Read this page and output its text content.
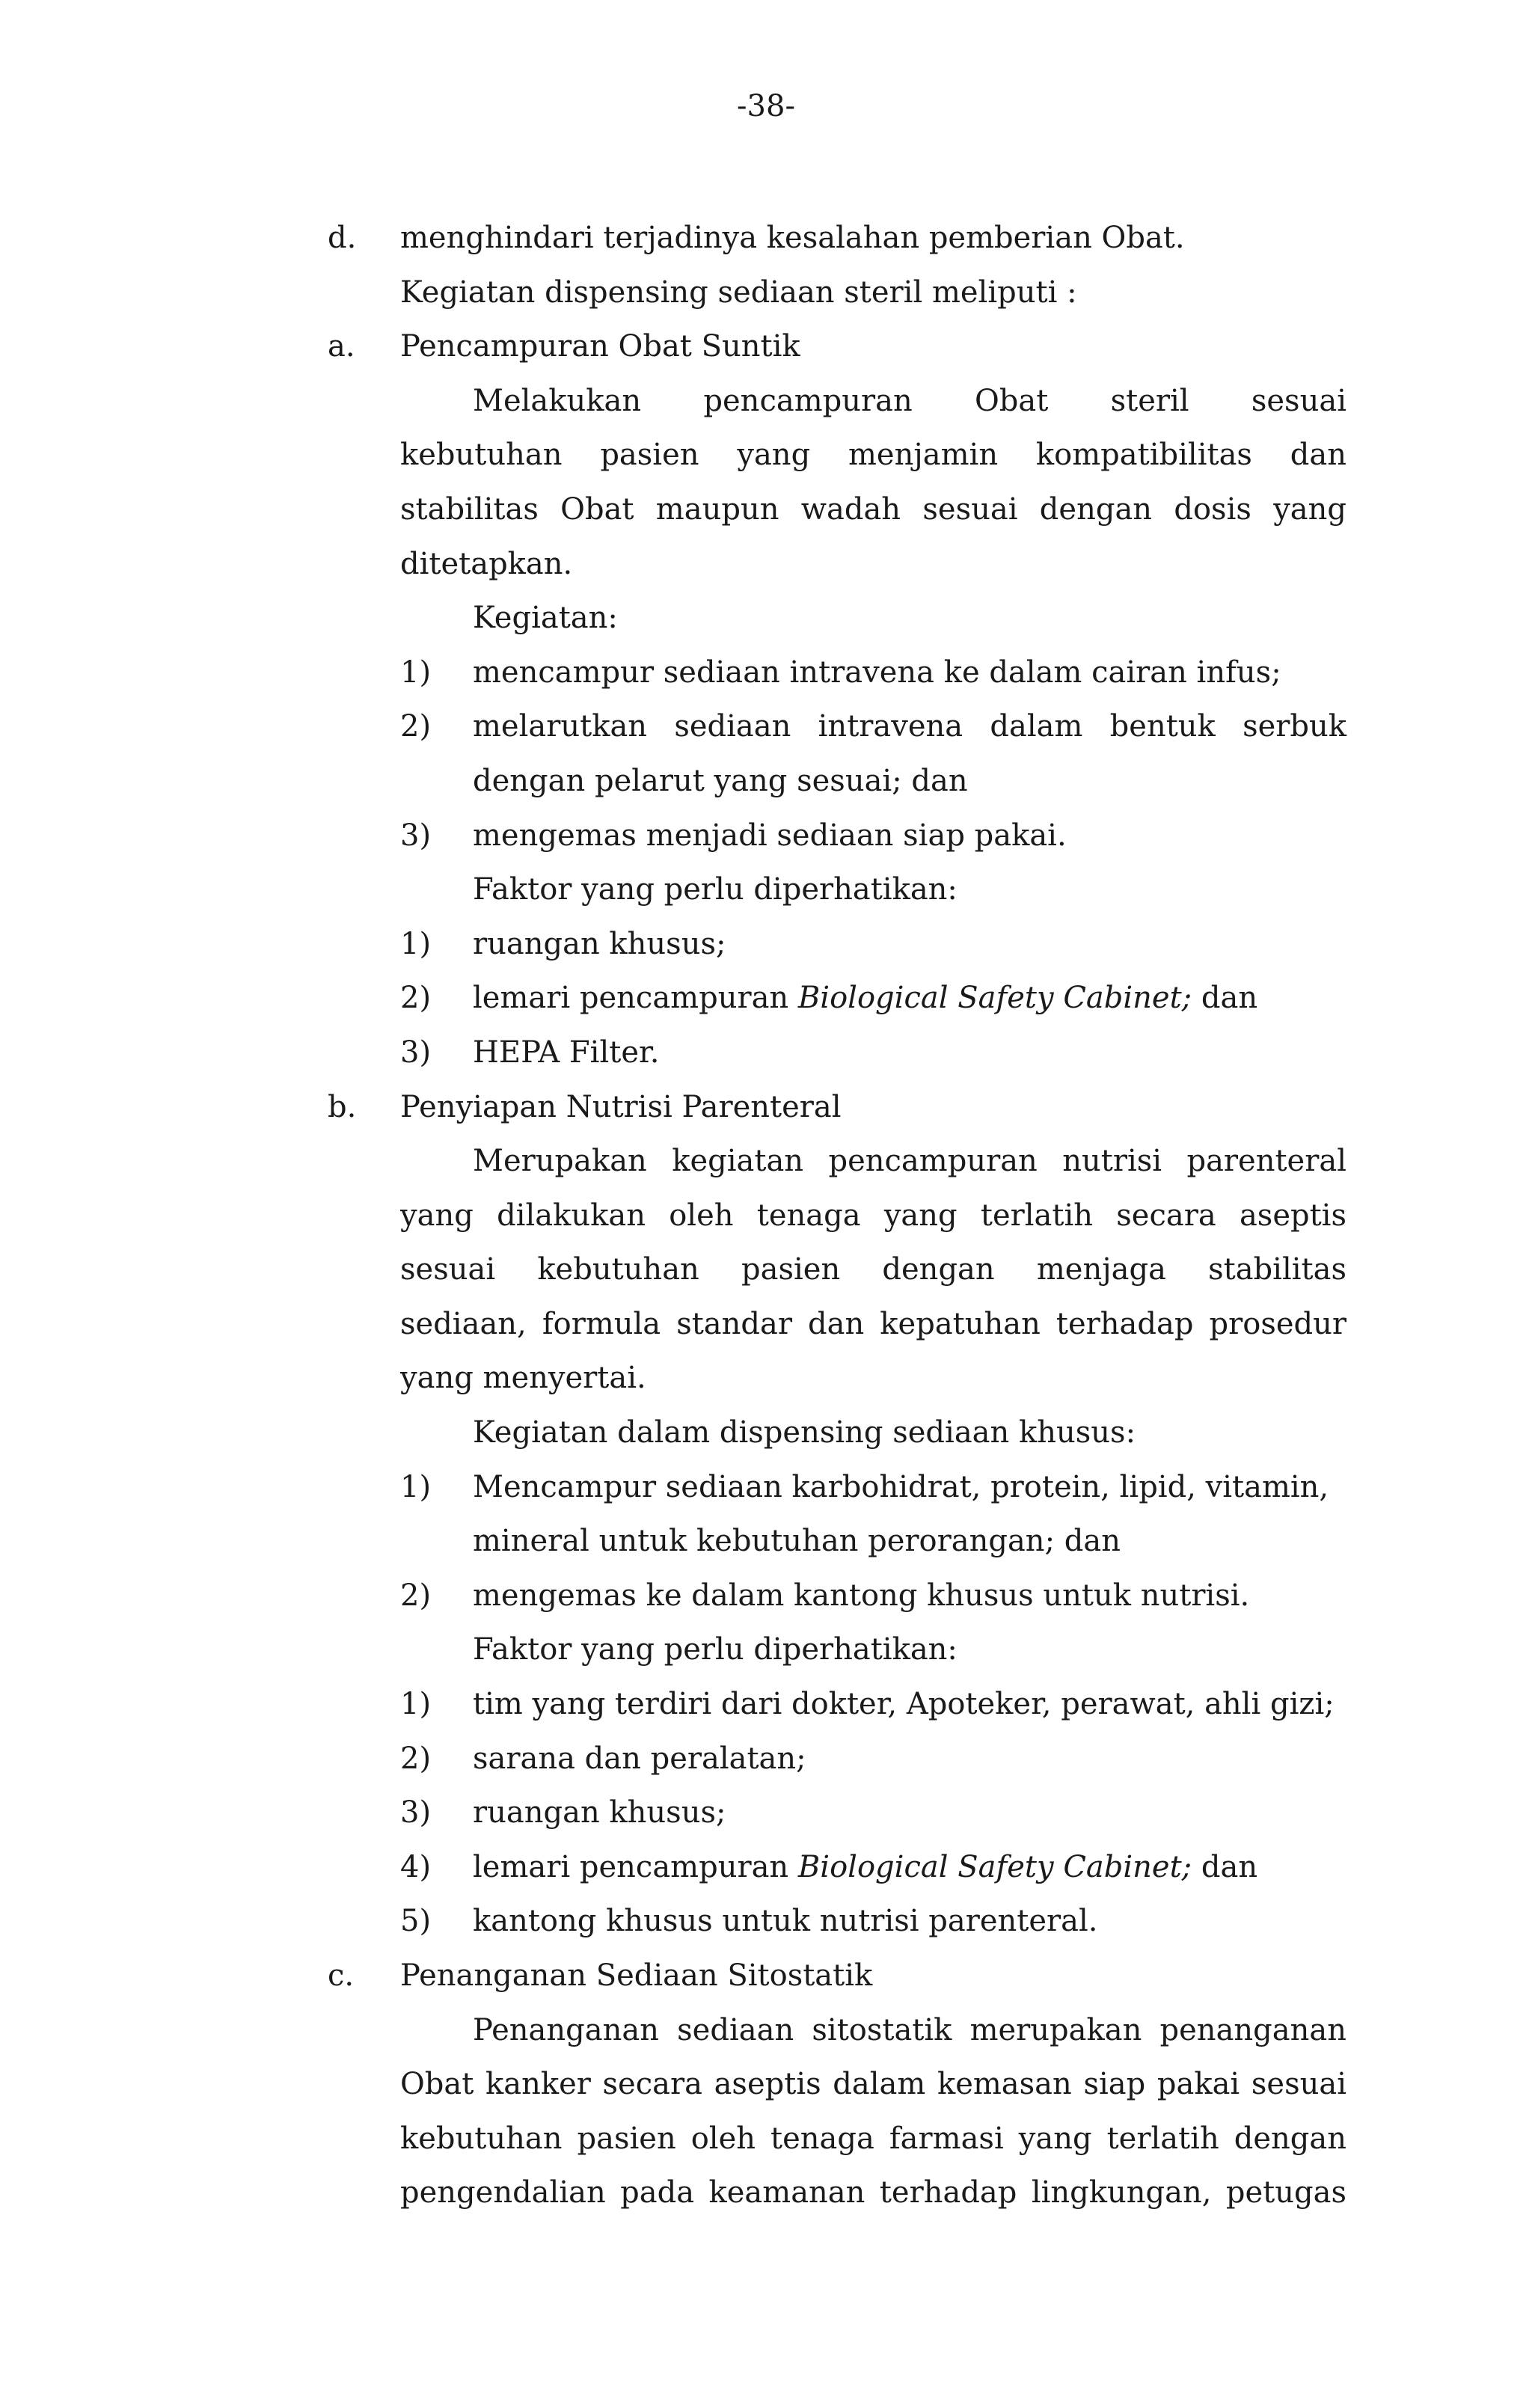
-38-
d. menghindari terjadinya kesalahan pemberian Obat.
Kegiatan dispensing sediaan steril meliputi :
a. Pencampuran Obat Suntik
Melakukan pencampuran Obat steril sesuai
kebutuhan pasien yang menjamin kompatibilitas dan
stabilitas Obat maupun wadah sesuai dengan dosis yang
ditetapkan.
Kegiatan:
1) mencampur sediaan intravena ke dalam cairan infus;
2) melarutkan sediaan intravena dalam bentuk serbuk
dengan pelarut yang sesuai; dan
3) mengemas menjadi sediaan siap pakai.
Faktor yang perlu diperhatikan:
1) ruangan khusus;
2) lemari pencampuran Biological Safety Cabinet; dan
3) HEPA Filter.
b. Penyiapan Nutrisi Parenteral
Merupakan kegiatan pencampuran nutrisi parenteral
yang dilakukan oleh tenaga yang terlatih secara aseptis
sesuai kebutuhan pasien dengan menjaga stabilitas
sediaan, formula standar dan kepatuhan terhadap prosedur
yang menyertai.
Kegiatan dalam dispensing sediaan khusus:
1) Mencampur sediaan karbohidrat, protein, lipid, vitamin,
mineral untuk kebutuhan perorangan; dan
2) mengemas ke dalam kantong khusus untuk nutrisi.
Faktor yang perlu diperhatikan:
1) tim yang terdiri dari dokter, Apoteker, perawat, ahli gizi;
2) sarana dan peralatan;
3) ruangan khusus;
4) lemari pencampuran Biological Safety Cabinet; dan
5) kantong khusus untuk nutrisi parenteral.
c. Penanganan Sediaan Sitostatik
Penanganan sediaan sitostatik merupakan penanganan
Obat kanker secara aseptis dalam kemasan siap pakai sesuai
kebutuhan pasien oleh tenaga farmasi yang terlatih dengan
pengendalian pada keamanan terhadap lingkungan, petugas
